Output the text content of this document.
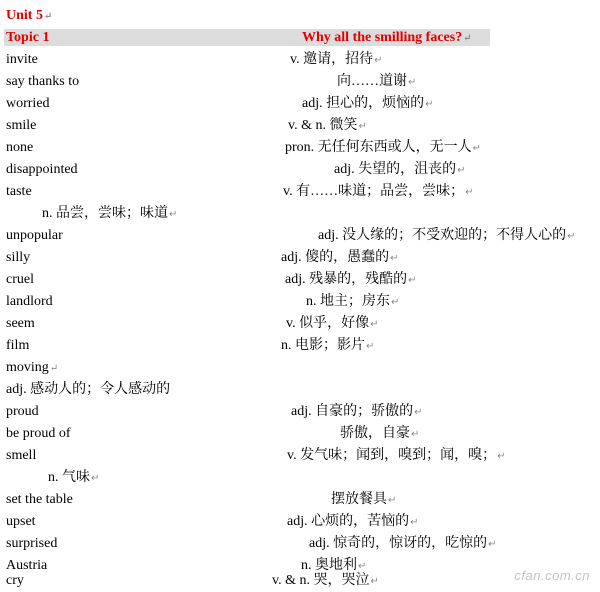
Unit 5↵
Topic 1	Why all the smilling faces?↵
invite	v. 邀请，招待↵
say thanks to	向……道谢↵
worried	adj. 担心的，烦恼的↵
smile	v. & n. 微笑↵
none	pron. 无任何东西或人，无一人↵
disappointed	adj. 失望的，沮丧的↵
taste	v. 有……味道；品尝，尝味；↵
n. 品尝，尝味；味道↵
unpopular	adj. 没人缘的；不受欢迎的；不得人心的↵
silly	adj. 傻的，愚蠢的↵
cruel	adj. 残暴的，残酷的↵
landlord	n. 地主；房东↵
seem	v. 似乎，好像↵
film	n. 电影；影片↵
moving↵
adj. 感动人的；令人感动的
proud	adj. 自豪的；骄傲的↵
be proud of	骄傲，自豪↵
smell	v. 发气味；闻到，嗅到；闻，嗅；↵
n. 气味↵
set the table	摆放餐具↵
upset	adj. 心烦的，苦恼的↵
surprised	adj. 惊奇的，惊讶的，吃惊的↵
Austria	n. 奥地利↵
cry	v. & n. 哭，哭泣↵	cfan.com.cn
